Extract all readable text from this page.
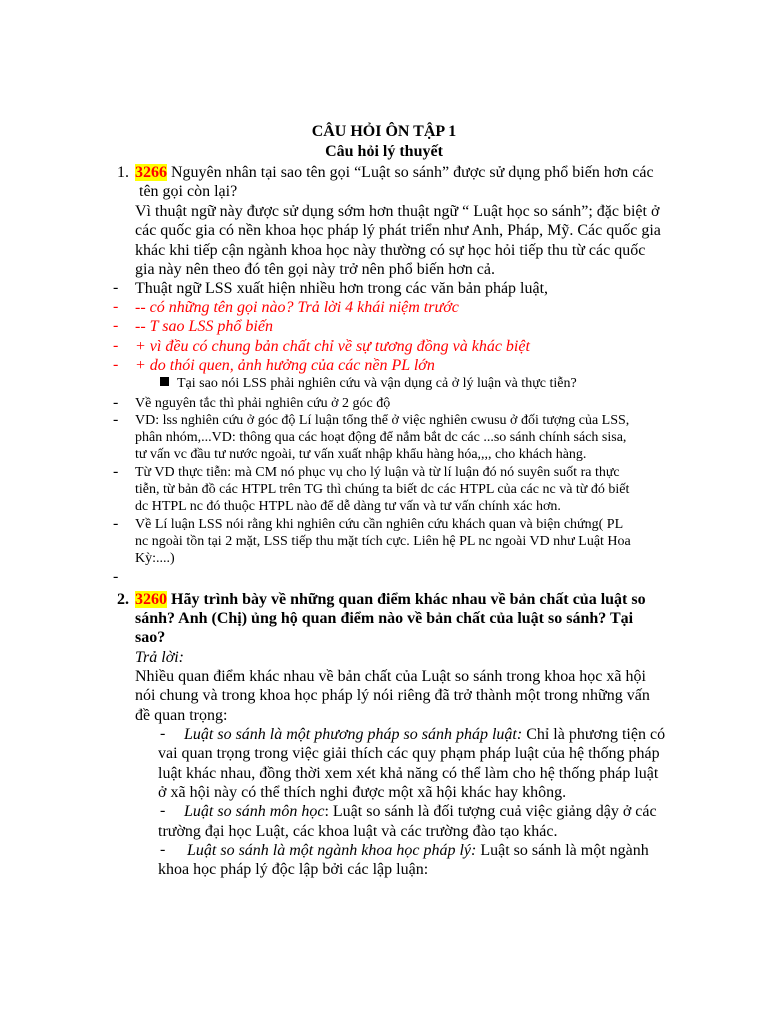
CÂU HỎI ÔN TẬP 1
Câu hỏi lý thuyết
1. 3266 Nguyên nhân tại sao tên gọi “Luật so sánh” được sử dụng phổ biến hơn các
tên gọi còn lại?
Vì thuật ngữ này được sử dụng sớm hơn thuật ngữ “ Luật học so sánh”; đặc biệt ở
các quốc gia có nền khoa học pháp lý phát triển như Anh, Pháp, Mỹ. Các quốc gia
khác khi tiếp cận ngành khoa học này thường có sự học hỏi tiếp thu từ các quốc
gia này nên theo đó tên gọi này trở nên phổ biến hơn cả.
- Thuật ngữ LSS xuất hiện nhiều hơn trong các văn bản pháp luật,
- -- có những tên gọi nào? Trả lời 4 khái niệm trước
- -- T sao LSS phổ biến
- + vì đều có chung bản chất chỉ về sự tương đồng và khác biệt
- + do thói quen, ảnh hưởng của các nền PL lớn
Tại sao nói LSS phải nghiên cứu và vận dụng cả ở lý luận và thực tiễn?
- Về nguyên tắc thì phải nghiên cứu ở 2 góc độ
- VD: lss nghiên cứu ở góc độ Lí luận tổng thể ở việc nghiên cwusu ở đối tượng của LSS,
phân nhóm,...VD: thông qua các hoạt động để nắm bắt dc các ...so sánh chính sách sisa,
tư vấn vc đầu tư nước ngoài, tư vấn xuất nhập khẩu hàng hóa,,,, cho khách hàng.
- Từ VD thực tiễn: mà CM nó phục vụ cho lý luận và từ lí luận đó nó suyên suốt ra thực
tiễn, từ bản đồ các HTPL trên TG thì chúng ta biết dc các HTPL của các nc và từ đó biết
dc HTPL nc đó thuộc HTPL nào để dễ dàng tư vấn và tư vấn chính xác hơn.
- Về Lí luận LSS nói rằng khi nghiên cứu cần nghiên cứu khách quan và biện chứng( PL
nc ngoài tồn tại 2 mặt, LSS tiếp thu mặt tích cực. Liên hệ PL nc ngoài VD như Luật Hoa
Kỳ:....)
-
2. 3260 Hãy trình bày về những quan điểm khác nhau về bản chất của luật so
sánh? Anh (Chị) ủng hộ quan điểm nào về bản chất của luật so sánh? Tại
sao?
Trả lời:
Nhiều quan điểm khác nhau về bản chất của Luật so sánh trong khoa học xã hội
nói chung và trong khoa học pháp lý nói riêng đã trở thành một trong những vấn
đề quan trọng:
- Luật so sánh là một phương pháp so sánh pháp luật: Chỉ là phương tiện có
vai quan trọng trong việc giải thích các quy phạm pháp luật của hệ thống pháp
luật khác nhau, đồng thời xem xét khả năng có thể làm cho hệ thống pháp luật
ở xã hội này có thể thích nghi được một xã hội khác hay không.
- Luật so sánh môn học: Luật so sánh là đối tượng cuả việc giảng dậy ở các
trường đại học Luật, các khoa luật và các trường đào tạo khác.
- Luật so sánh là một ngành khoa học pháp lý: Luật so sánh là một ngành
khoa học pháp lý độc lập bởi các lập luận:
